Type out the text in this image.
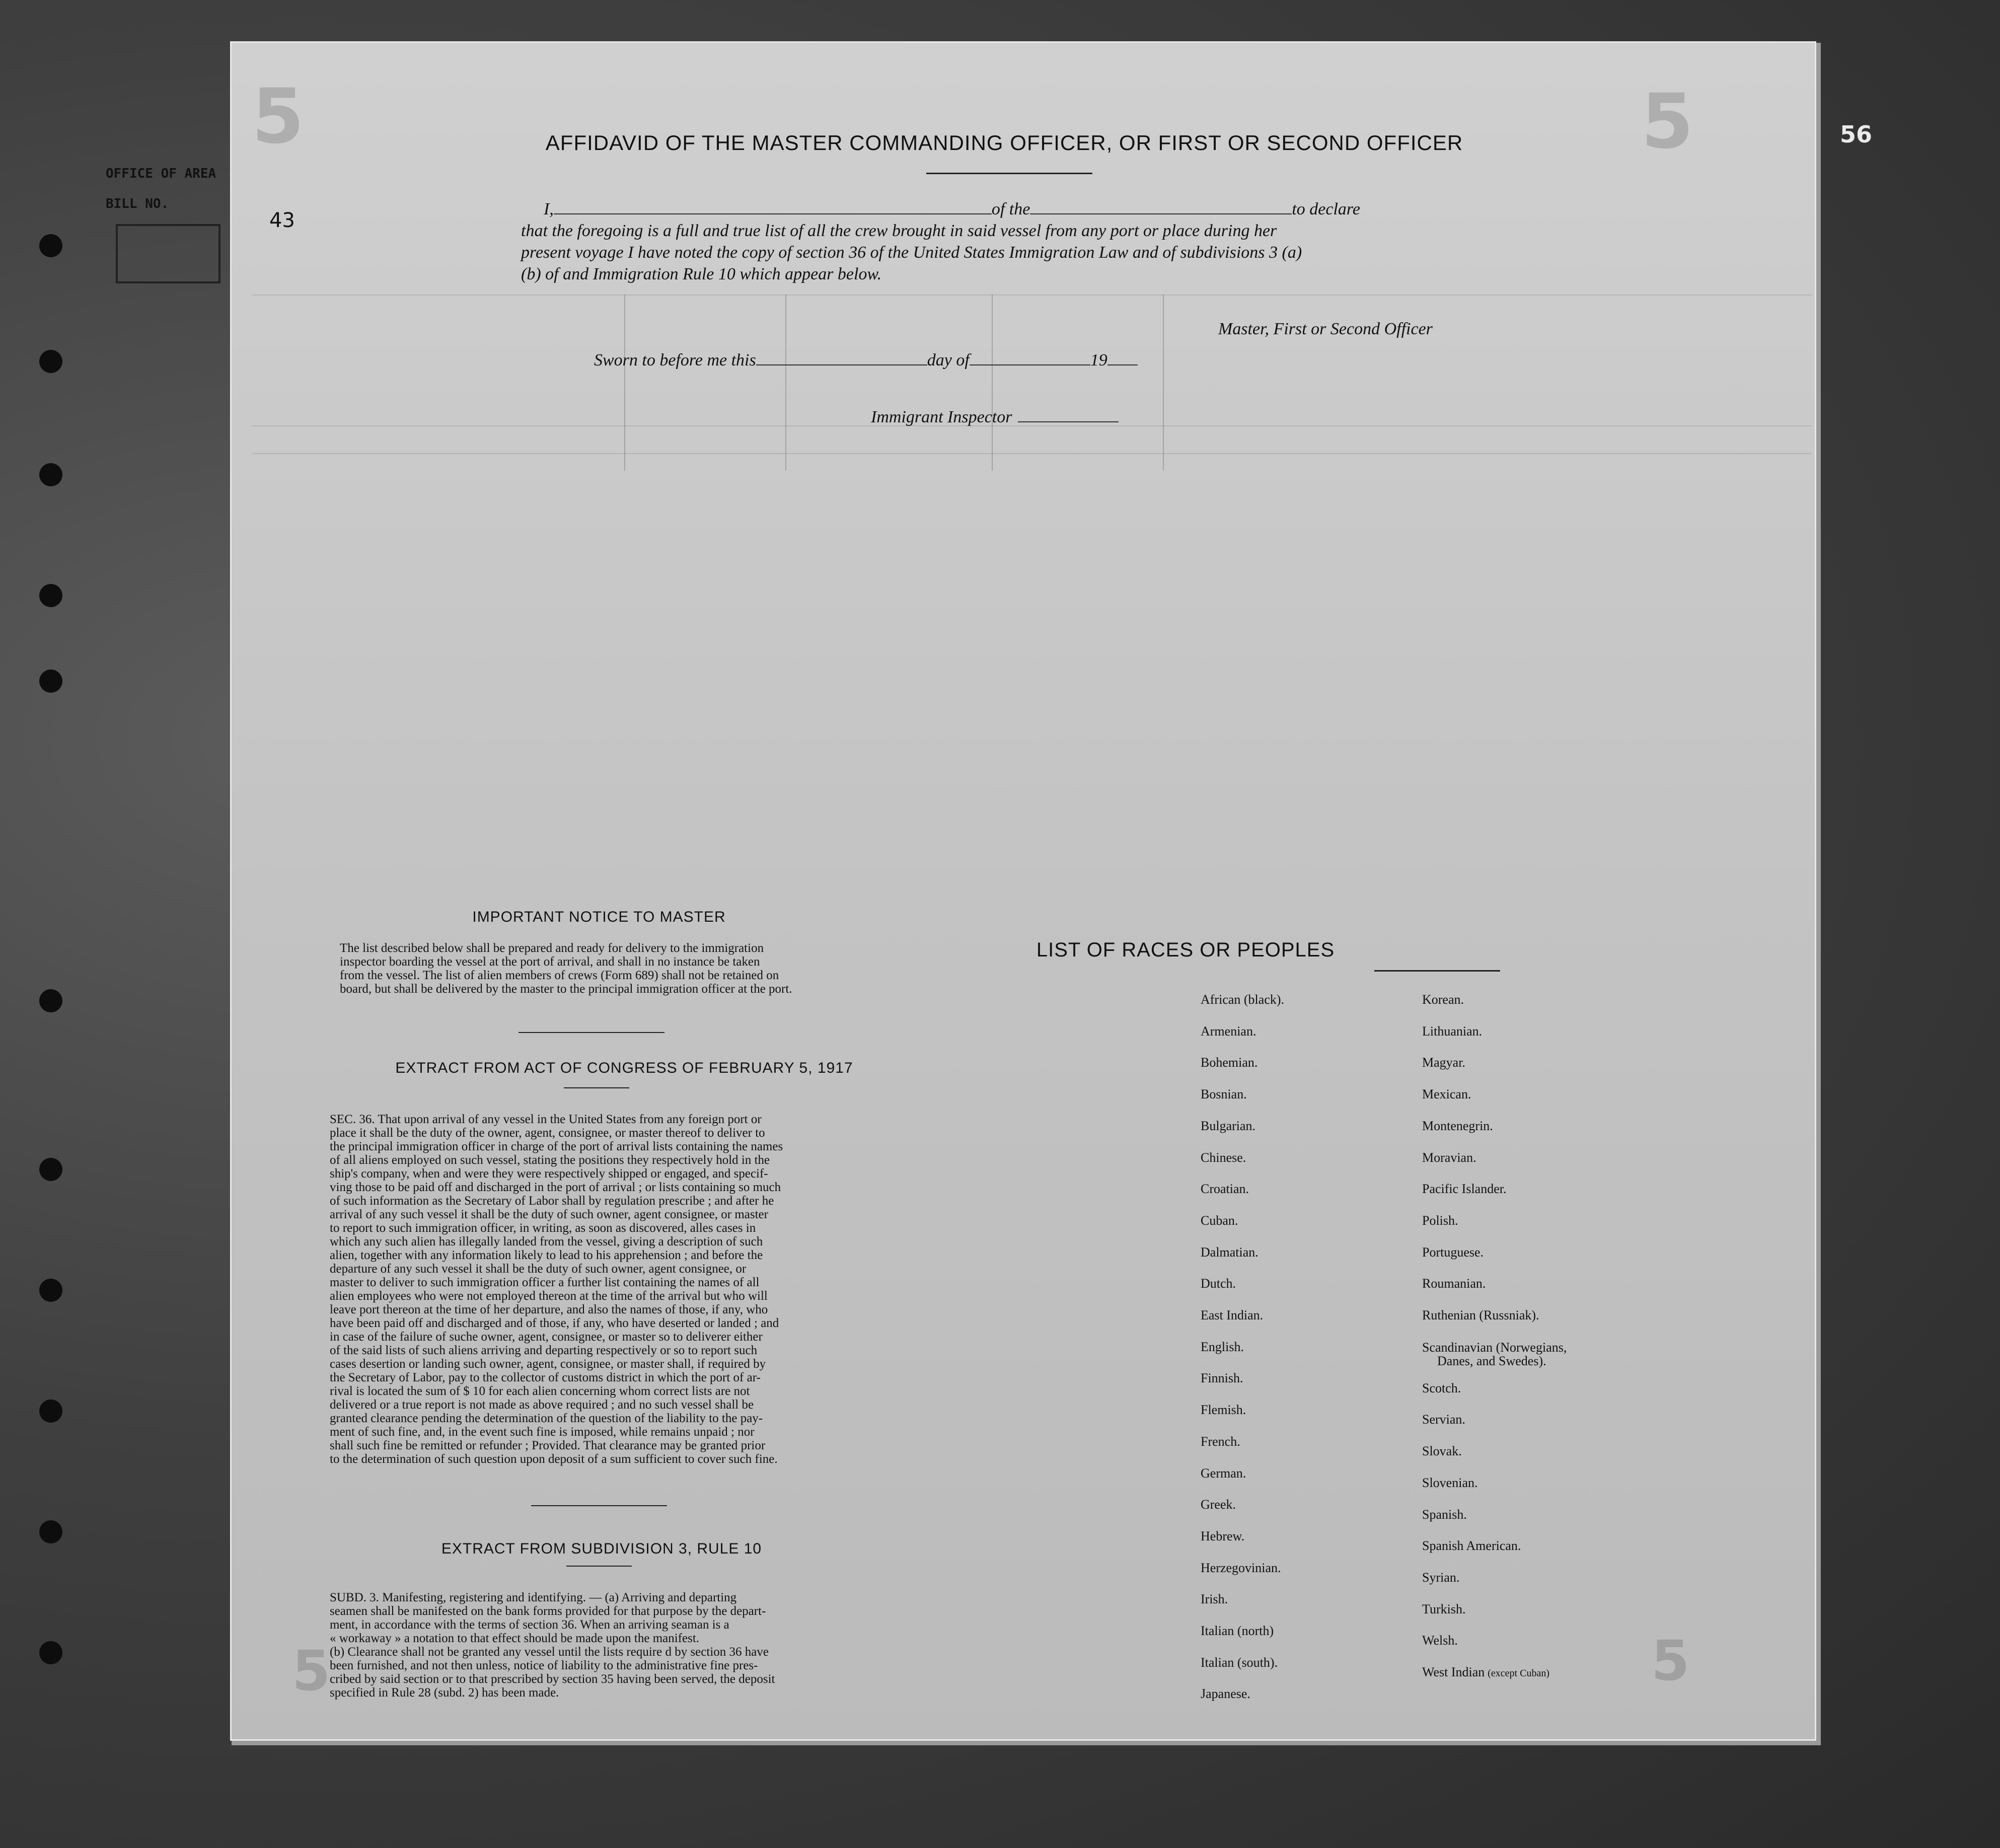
OFFICE OF AREA
BILL NO.
56
5	5
5	5
43
AFFIDAVID OF THE MASTER COMMANDING OFFICER, OR FIRST OR SECOND OFFICER
I,	of the	to declare
that the foregoing is a full and true list of all the crew brought in said vessel from any port or place during her
present voyage I have noted the copy of section 36 of the United States Immigration Law and of subdivisions 3 (a)
(b) of and Immigration Rule 10 which appear below.
Master, First or Second Officer
Sworn to before me this	day of	19
Immigrant Inspector
IMPORTANT NOTICE TO MASTER
The list described below shall be prepared and ready for delivery to the immigration
inspector boarding the vessel at the port of arrival, and shall in no instance be taken
from the vessel. The list of alien members of crews (Form 689) shall not be retained on
board, but shall be delivered by the master to the principal immigration officer at the port.
EXTRACT FROM ACT OF CONGRESS OF FEBRUARY 5, 1917
SEC. 36. That upon arrival of any vessel in the United States from any foreign port or
place it shall be the duty of the owner, agent, consignee, or master thereof to deliver to
the principal immigration officer in charge of the port of arrival lists containing the names
of all aliens employed on such vessel, stating the positions they respectively hold in the
ship's company, when and were they were respectively shipped or engaged, and specif-
ving those to be paid off and discharged in the port of arrival ; or lists containing so much
of such information as the Secretary of Labor shall by regulation prescribe ; and after he
arrival of any such vessel it shall be the duty of such owner, agent consignee, or master
to report to such immigration officer, in writing, as soon as discovered, alles cases in
which any such alien has illegally landed from the vessel, giving a description of such
alien, together with any information likely to lead to his apprehension ; and before the
departure of any such vessel it shall be the duty of such owner, agent consignee, or
master to deliver to such immigration officer a further list containing the names of all
alien employees who were not employed thereon at the time of the arrival but who will
leave port thereon at the time of her departure, and also the names of those, if any, who
have been paid off and discharged and of those, if any, who have deserted or landed ; and
in case of the failure of suche owner, agent, consignee, or master so to deliverer either
of the said lists of such aliens arriving and departing respectively or so to report such
cases desertion or landing such owner, agent, consignee, or master shall, if required by
the Secretary of Labor, pay to the collector of customs district in which the port of ar-
rival is located the sum of $ 10 for each alien concerning whom correct lists are not
delivered or a true report is not made as above required ; and no such vessel shall be
granted clearance pending the determination of the question of the liability to the pay-
ment of such fine, and, in the event such fine is imposed, while remains unpaid ; nor
shall such fine be remitted or refunder ; Provided. That clearance may be granted prior
to the determination of such question upon deposit of a sum sufficient to cover such fine.
EXTRACT FROM SUBDIVISION 3, RULE 10
SUBD. 3. Manifesting, registering and identifying. — (a) Arriving and departing
seamen shall be manifested on the bank forms provided for that purpose by the depart-
ment, in accordance with the terms of section 36. When an arriving seaman is a
« workaway » a notation to that effect should be made upon the manifest.
(b) Clearance shall not be granted any vessel until the lists require d by section 36 have
been furnished, and not then unless, notice of liability to the administrative fine pres-
cribed by said section or to that prescribed by section 35 having been served, the deposit
specified in Rule 28 (subd. 2) has been made.
LIST OF RACES OR PEOPLES
African (black).
Armenian.
Bohemian.
Bosnian.
Bulgarian.
Chinese.
Croatian.
Cuban.
Dalmatian.
Dutch.
East Indian.
English.
Finnish.
Flemish.
French.
German.
Greek.
Hebrew.
Herzegovinian.
Irish.
Italian (north)
Italian (south).
Japanese.
Korean.
Lithuanian.
Magyar.
Mexican.
Montenegrin.
Moravian.
Pacific Islander.
Polish.
Portuguese.
Roumanian.
Ruthenian (Russniak).
Scandinavian (Norwegians,
Danes, and Swedes).
Scotch.
Servian.
Slovak.
Slovenian.
Spanish.
Spanish American.
Syrian.
Turkish.
Welsh.
West Indian (except Cuban)
